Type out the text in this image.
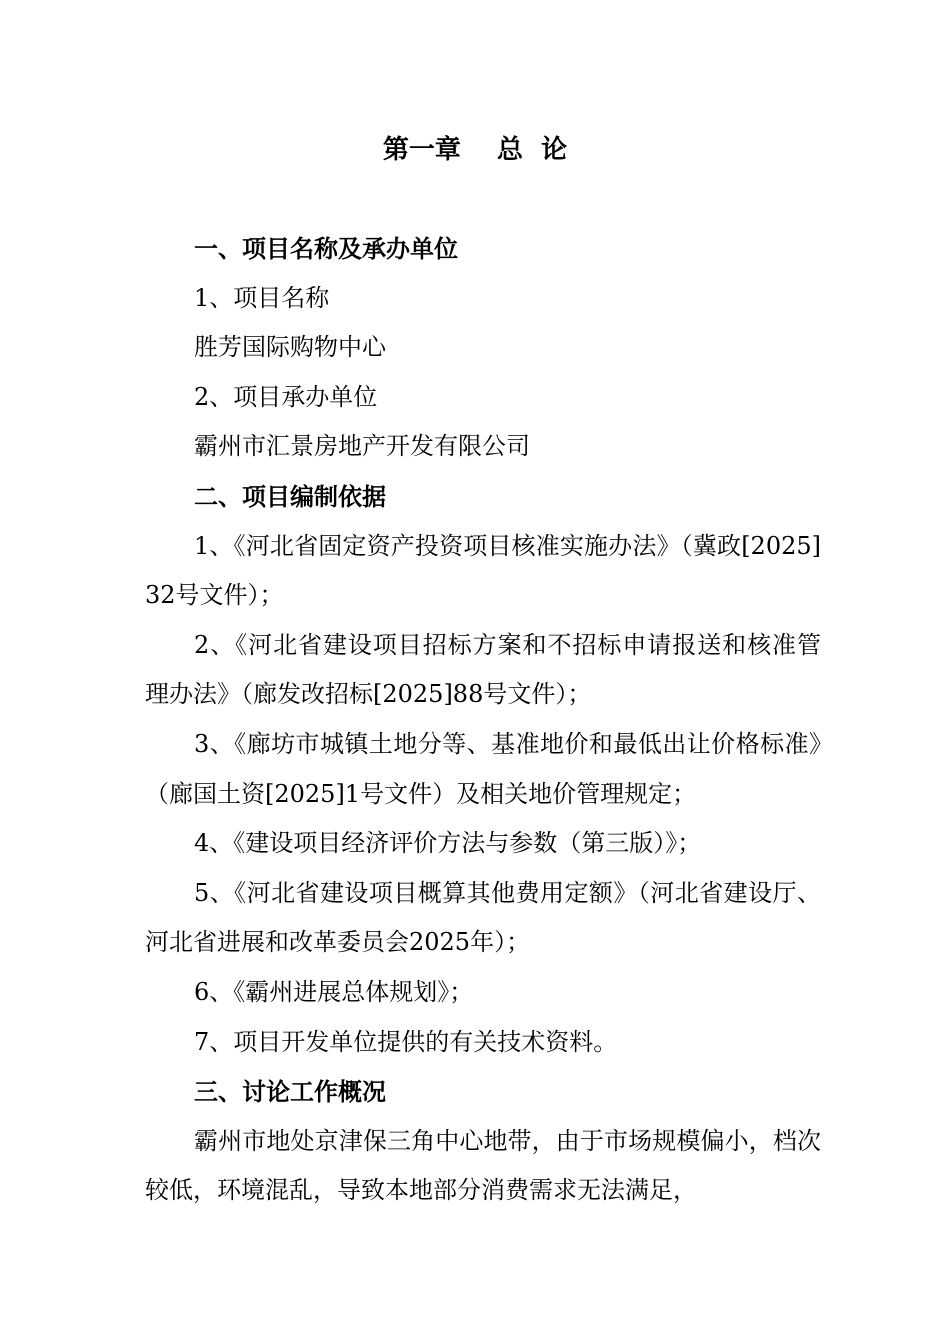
第一章    总  论

一、项目名称及承办单位

1、项目名称

胜芳国际购物中心

2、项目承办单位

霸州市汇景房地产开发有限公司

二、项目编制依据

1、《河北省固定资产投资项目核准实施办法》（冀政[2025]32号文件）；

2、《河北省建设项目招标方案和不招标申请报送和核准管理办法》（廊发改招标[2025]88号文件）；

3、《廊坊市城镇土地分等、基准地价和最低出让价格标准》（廊国土资[2025]1号文件）及相关地价管理规定；

4、《建设项目经济评价方法与参数（第三版）》；

5、《河北省建设项目概算其他费用定额》（河北省建设厅、河北省进展和改革委员会2025年）；

6、《霸州进展总体规划》；

7、项目开发单位提供的有关技术资料。

三、讨论工作概况

霸州市地处京津保三角中心地带，由于市场规模偏小，档次较低，环境混乱，导致本地部分消费需求无法满足，
